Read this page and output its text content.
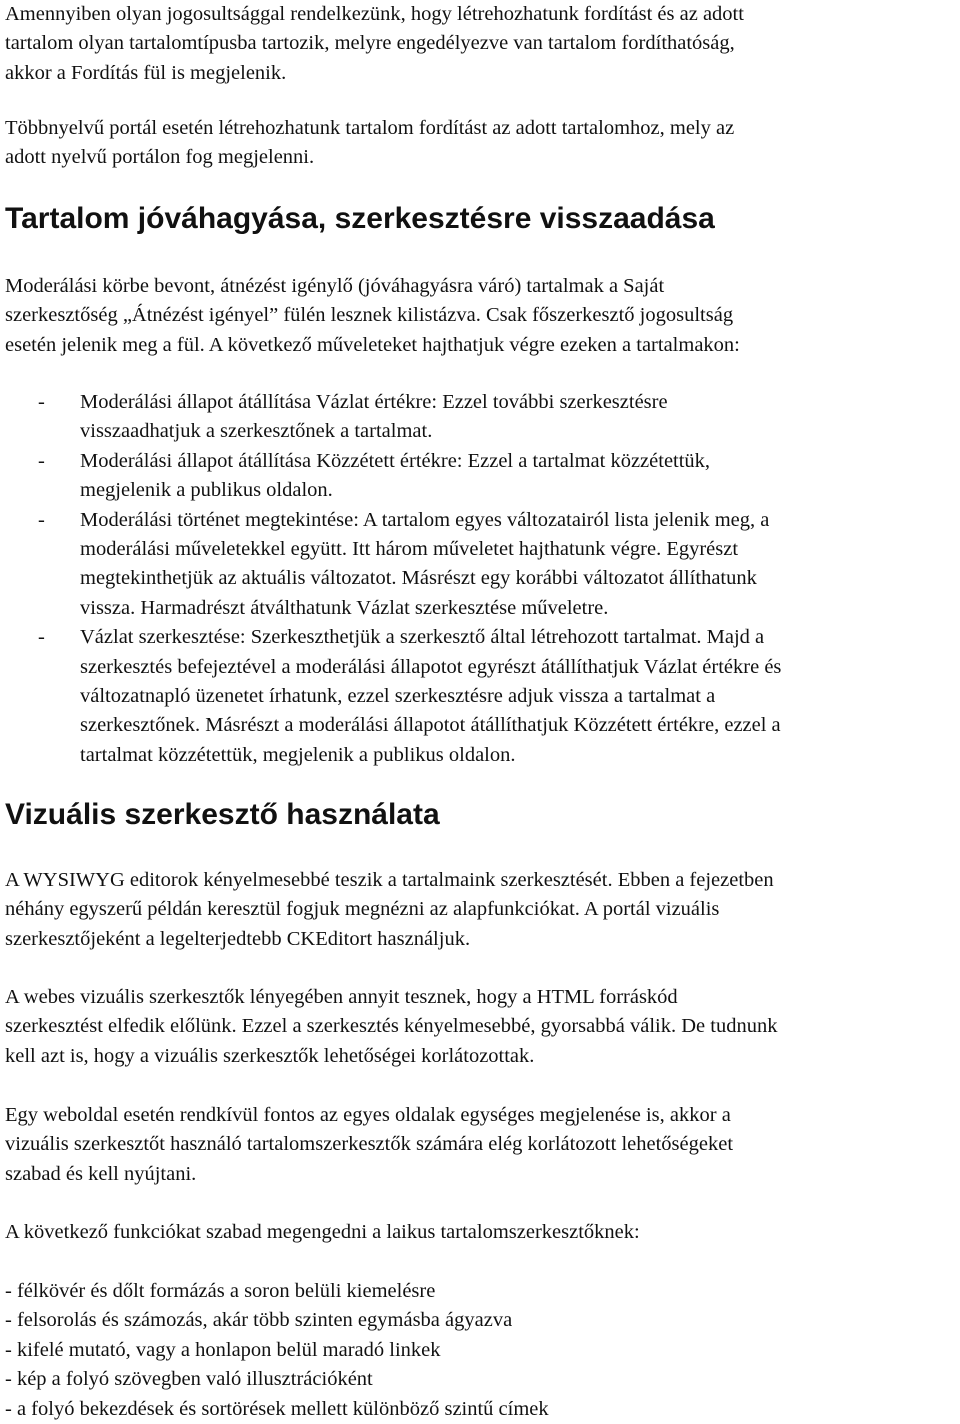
Amennyiben olyan jogosultsággal rendelkezünk, hogy létrehozhatunk fordítást és az adott
tartalom olyan tartalomtípusba tartozik, melyre engedélyezve van tartalom fordíthatóság,
akkor a Fordítás fül is megjelenik.

Többnyelvű portál esetén létrehozhatunk tartalom fordítást az adott tartalomhoz, mely az
adott nyelvű portálon fog megjelenni.

Tartalom jóváhagyása, szerkesztésre visszaadása

Moderálási körbe bevont, átnézést igénylő (jóváhagyásra váró) tartalmak a Saját
szerkesztőség „Átnézést igényel” fülén lesznek kilistázva. Csak főszerkesztő jogosultság
esetén jelenik meg a fül. A következő műveleteket hajthatjuk végre ezeken a tartalmakon:

- Moderálási állapot átállítása Vázlat értékre: Ezzel további szerkesztésre
visszaadhatjuk a szerkesztőnek a tartalmat.
- Moderálási állapot átállítása Közzétett értékre: Ezzel a tartalmat közzétettük,
megjelenik a publikus oldalon.
- Moderálási történet megtekintése: A tartalom egyes változatairól lista jelenik meg, a
moderálási műveletekkel együtt. Itt három műveletet hajthatunk végre. Egyrészt
megtekinthetjük az aktuális változatot. Másrészt egy korábbi változatot állíthatunk
vissza. Harmadrészt átválthatunk Vázlat szerkesztése műveletre.
- Vázlat szerkesztése: Szerkeszthetjük a szerkesztő által létrehozott tartalmat. Majd a
szerkesztés befejeztével a moderálási állapotot egyrészt átállíthatjuk Vázlat értékre és
változatnapló üzenetet írhatunk, ezzel szerkesztésre adjuk vissza a tartalmat a
szerkesztőnek. Másrészt a moderálási állapotot átállíthatjuk Közzétett értékre, ezzel a
tartalmat közzétettük, megjelenik a publikus oldalon.
Vizuális szerkesztő használata

A WYSIWYG editorok kényelmesebbé teszik a tartalmaink szerkesztését. Ebben a fejezetben
néhány egyszerű példán keresztül fogjuk megnézni az alapfunkciókat. A portál vizuális
szerkesztőjeként a legelterjedtebb CKEditort használjuk.

A webes vizuális szerkesztők lényegében annyit tesznek, hogy a HTML forráskód
szerkesztést elfedik előlünk. Ezzel a szerkesztés kényelmesebbé, gyorsabbá válik. De tudnunk
kell azt is, hogy a vizuális szerkesztők lehetőségei korlátozottak.

Egy weboldal esetén rendkívül fontos az egyes oldalak egységes megjelenése is, akkor a
vizuális szerkesztőt használó tartalomszerkesztők számára elég korlátozott lehetőségeket
szabad és kell nyújtani.

A következő funkciókat szabad megengedni a laikus tartalomszerkesztőknek:

- félkövér és dőlt formázás a soron belüli kiemelésre
- felsorolás és számozás, akár több szinten egymásba ágyazva
- kifelé mutató, vagy a honlapon belül maradó linkek
- kép a folyó szövegben való illusztrációként
- a folyó bekezdések és sortörések mellett különböző szintű címek
